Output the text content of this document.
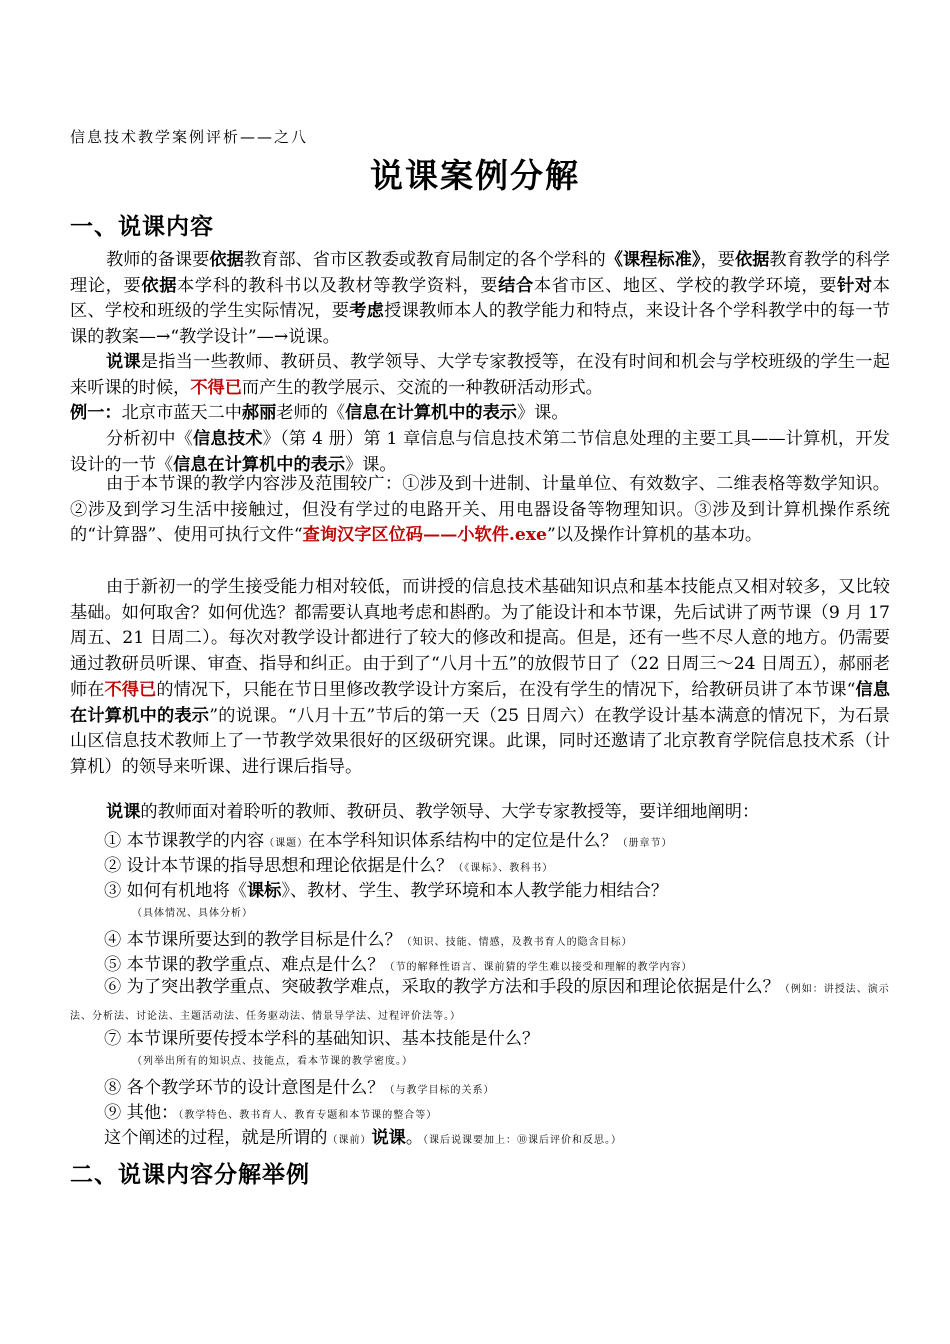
信息技术教学案例评析——之八
说课案例分解
一、说课内容

教师的备课要依据教育部、省市区教委或教育局制定的各个学科的《课程标准》，要依据教育教学的科学理论，要依据本学科的教科书以及教材等教学资料，要结合本省市区、地区、学校的教学环境，要针对本区、学校和班级的学生实际情况，要考虑授课教师本人的教学能力和特点，来设计各个学科教学中的每一节课的教案—→“教学设计”—→说课。

说课是指当一些教师、教研员、教学领导、大学专家教授等，在没有时间和机会与学校班级的学生一起来听课的时候，不得已而产生的教学展示、交流的一种教研活动形式。

例一：北京市蓝天二中郝丽老师的《信息在计算机中的表示》课。

分析初中《信息技术》（第 4 册）第 1 章信息与信息技术第二节信息处理的主要工具——计算机，开发设计的一节《信息在计算机中的表示》课。

由于本节课的教学内容涉及范围较广：①涉及到十进制、计量单位、有效数字、二维表格等数学知识。②涉及到学习生活中接触过，但没有学过的电路开关、用电器设备等物理知识。③涉及到计算机操作系统的“计算器”、使用可执行文件“查询汉字区位码——小软件.exe”以及操作计算机的基本功。

由于新初一的学生接受能力相对较低，而讲授的信息技术基础知识点和基本技能点又相对较多，又比较基础。如何取舍？如何优选？都需要认真地考虑和斟酌。为了能设计和本节课，先后试讲了两节课（9 月 17 周五、21 日周二）。每次对教学设计都进行了较大的修改和提高。但是，还有一些不尽人意的地方。仍需要通过教研员听课、审查、指导和纠正。由于到了“八月十五”的放假节日了（22 日周三～24 日周五），郝丽老师在不得已的情况下，只能在节日里修改教学设计方案后，在没有学生的情况下，给教研员讲了本节课“信息在计算机中的表示”的说课。“八月十五”节后的第一天（25 日周六）在教学设计基本满意的情况下，为石景山区信息技术教师上了一节教学效果很好的区级研究课。此课，同时还邀请了北京教育学院信息技术系（计算机）的领导来听课、进行课后指导。

说课的教师面对着聆听的教师、教研员、教学领导、大学专家教授等，要详细地阐明：

① 本节课教学的内容（课题）在本学科知识体系结构中的定位是什么？（册章节）
② 设计本节课的指导思想和理论依据是什么？（《课标》、教科书）
③ 如何有机地将《课标》、教材、学生、教学环境和本人教学能力相结合？
（具体情况、具体分析）
④ 本节课所要达到的教学目标是什么？（知识、技能、情感，及教书育人的隐含目标）
⑤ 本节课的教学重点、难点是什么？（节的解释性语言、课前猜的学生难以接受和理解的教学内容）
⑥ 为了突出教学重点、突破教学难点，采取的教学方法和手段的原因和理论依据是什么？（例如：讲授法、演示法、分析法、讨论法、主题活动法、任务驱动法、情景导学法、过程评价法等。）
⑦ 本节课所要传授本学科的基础知识、基本技能是什么？
（列举出所有的知识点、技能点，看本节课的教学密度。）
⑧ 各个教学环节的设计意图是什么？（与教学目标的关系）
⑨ 其他：（教学特色、教书育人、教育专题和本节课的整合等）
这个阐述的过程，就是所谓的（课前）说课。（课后说课要加上：⑩课后评价和反思。）
二、说课内容分解举例
